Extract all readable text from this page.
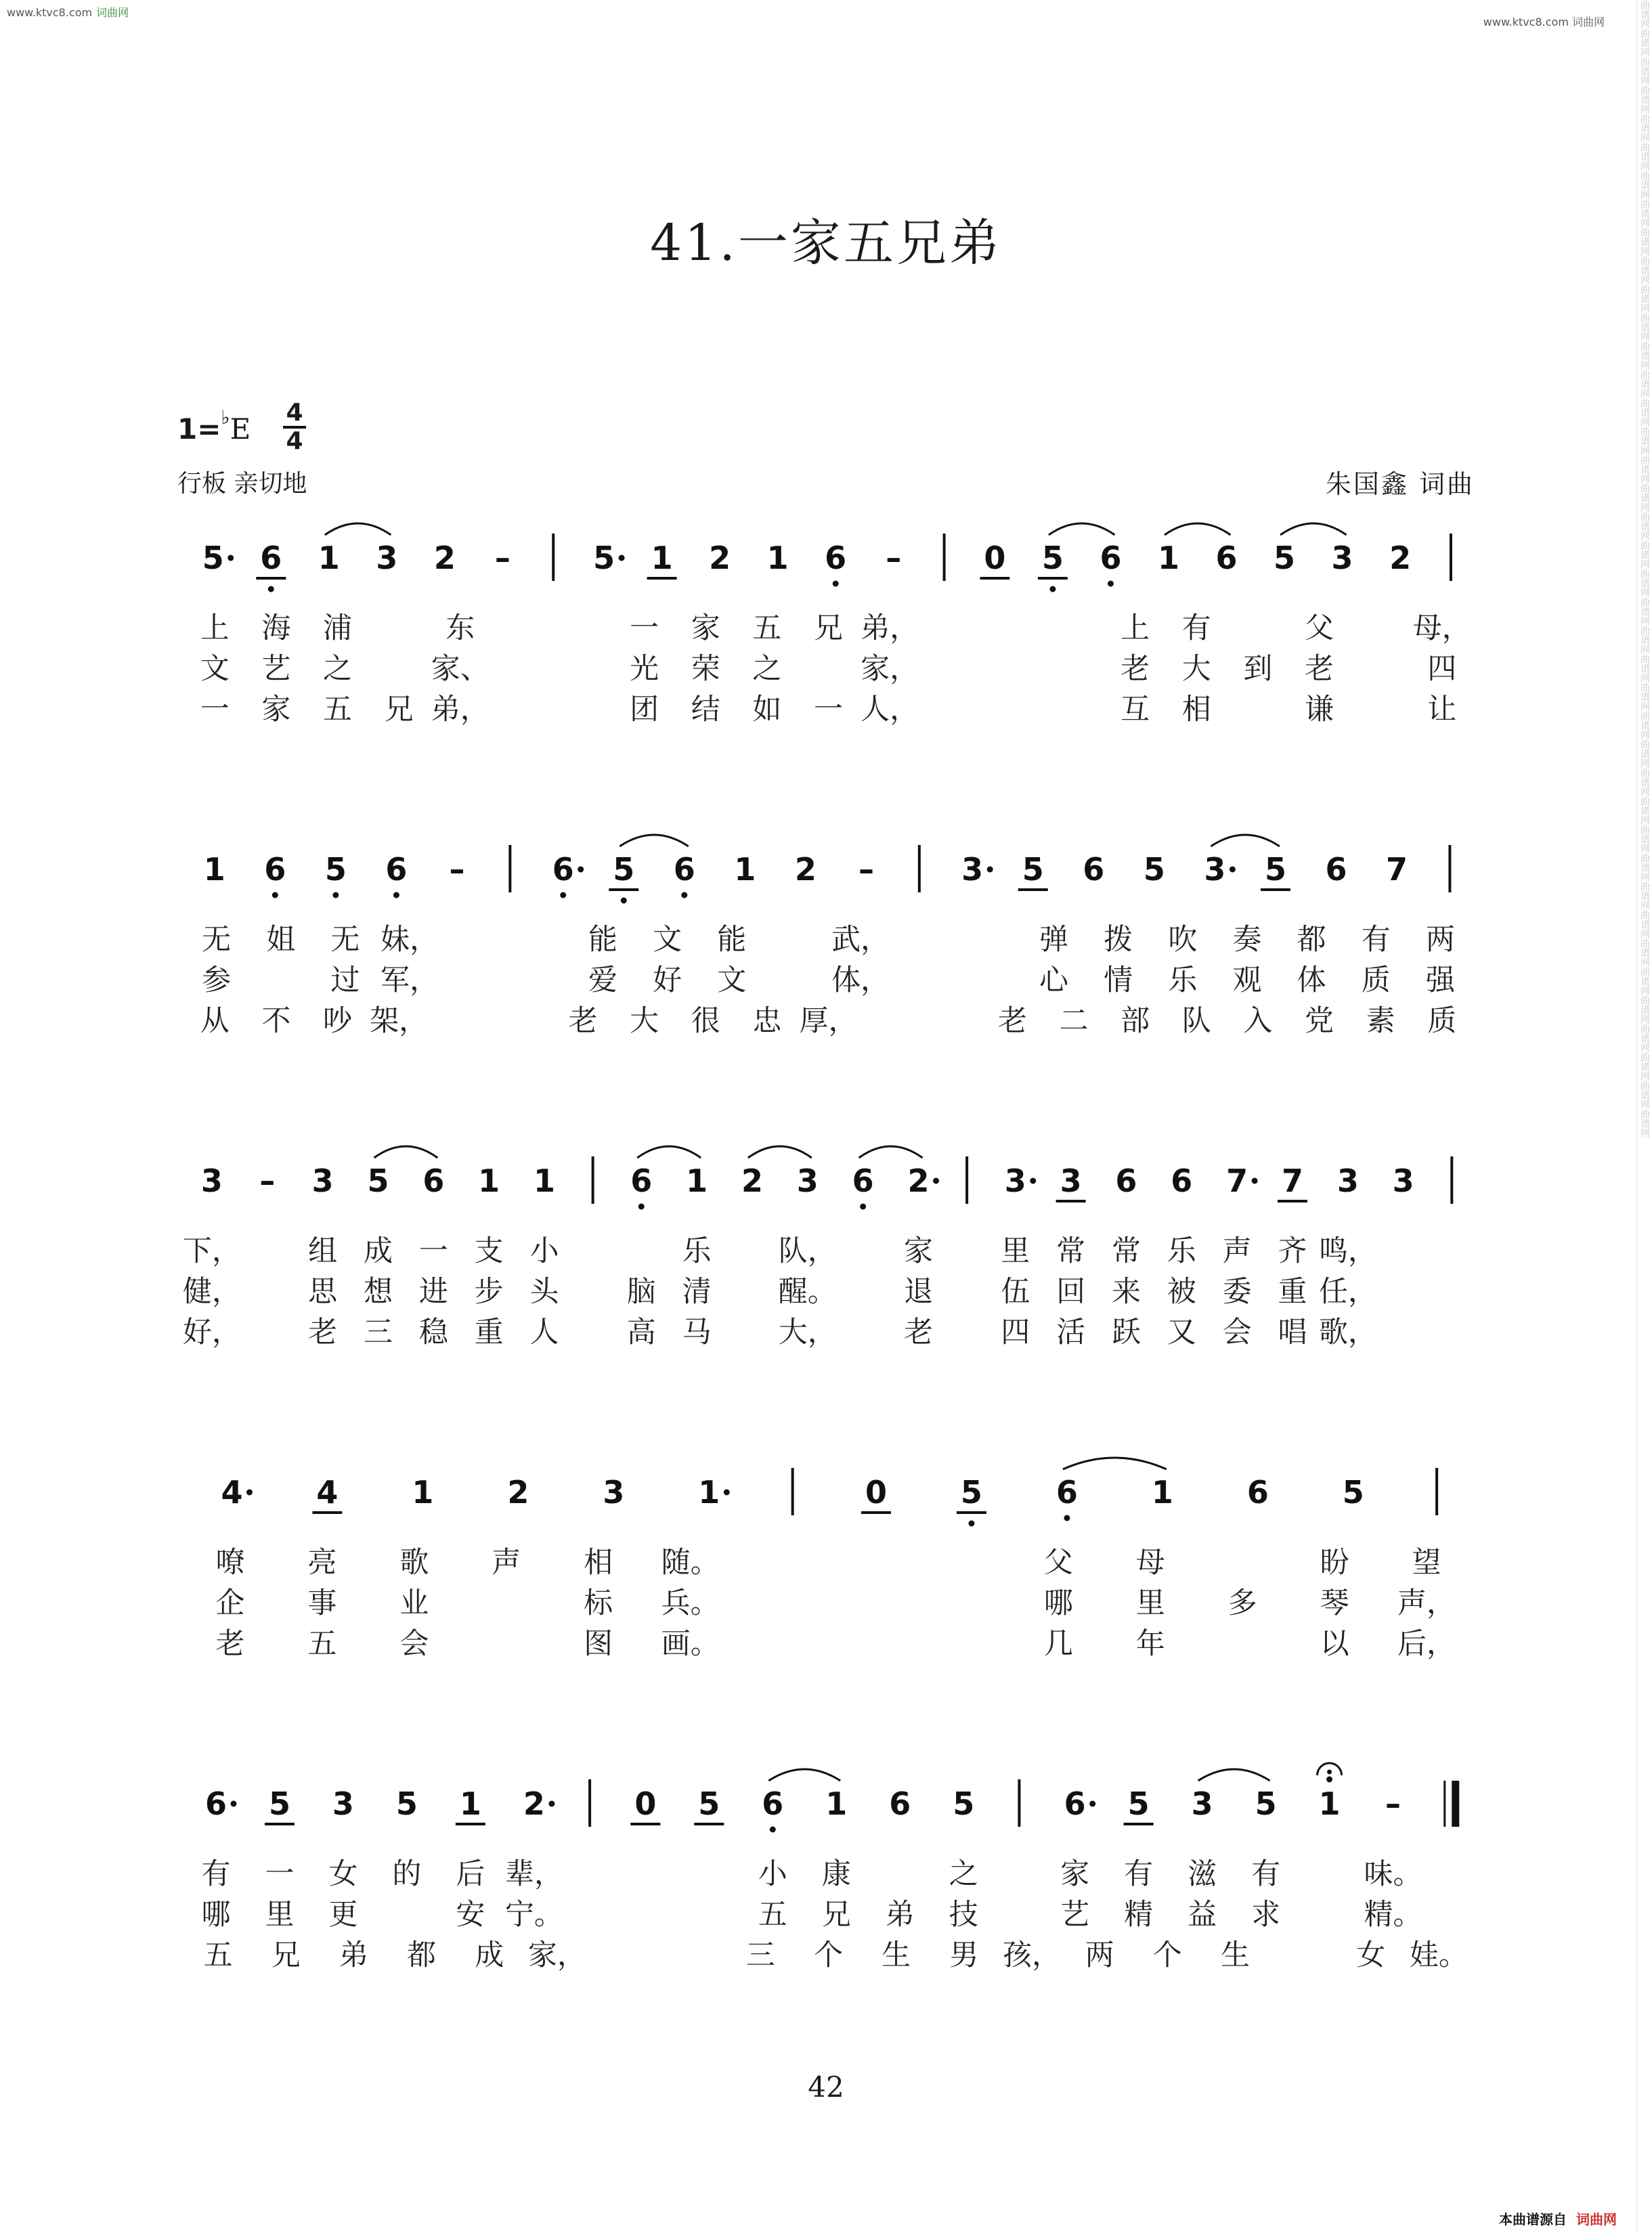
www.ktvc8.com 词曲网
www.ktvc8.com 词曲网	曲谱网
曲谱网
曲谱网
曲谱网
曲谱网
曲谱网
曲谱网
曲谱网
曲谱网
曲谱网
曲谱网
曲谱网
曲谱网
曲谱网
曲谱网
曲谱网
曲谱网
曲谱网
曲谱网
曲谱网
曲谱网
曲谱网
曲谱网
曲谱网
曲谱网
曲谱网
曲谱网
曲谱网
曲谱网
曲谱网
曲谱网
曲谱网
曲谱网
曲谱网
曲谱网
曲谱网
曲谱网
曲谱网
曲谱网
曲谱网
41.一家五兄弟
1=♭E 4
4
行板 亲切地	朱国鑫 词曲
5 6 1 3 2 –	5 1 2 1 6 –	0 5 6 1 6 5 3 2
上 海 浦	东	一 家 五 兄 弟，	上 有	父	母，
文 艺 之	家、	光 荣 之	家，	老 大 到 老	四
一 家 五 兄 弟，	团 结 如 一 人，	互 相	谦	让
1 6 5 6 –	6 5 6 1 2 –	3 5 6 5 3 5 6 7
无 姐 无 妹，	能 文 能	武，	弹 拨 吹 奏 都 有 两
参	过 军，	爱 好 文	体，	心 情 乐 观 体 质 强
从 不 吵 架，	老 大 很 忠 厚，	老 二 部 队 入 党 素 质
3 – 3 5 6 1 1 6 1 2 3 6 2 3 3 6 6 7 7 3 3
下， 组 成 一 支 小	乐 队， 家 里 常 常 乐 声 齐 鸣，
健， 思 想 进 步 头 脑 清 醒。 退 伍 回 来 被 委 重 任，
好， 老 三 稳 重 人 高 马 大， 老 四 活 跃 又 会 唱 歌，
4 4 1 2 3 1	0 5 6 1 6 5
嘹 亮 歌 声 相 随。	父 母	盼 望
企 事 业	标 兵。	哪 里 多 琴 声，
老 五 会	图 画。	几 年	以 后，
6 5 3 5 1 2	0 5 6 1 6 5	6 5 3 5 1 –
有 一 女 的 后 辈，	小 康	之	家 有 滋 有	味。
哪 里 更	安 宁。	五 兄 弟 技	艺 精 益 求	精。
五 兄 弟 都 成 家，	三 个 生 男 孩， 两 个 生	女 娃。
42
本曲谱源自 词曲网
